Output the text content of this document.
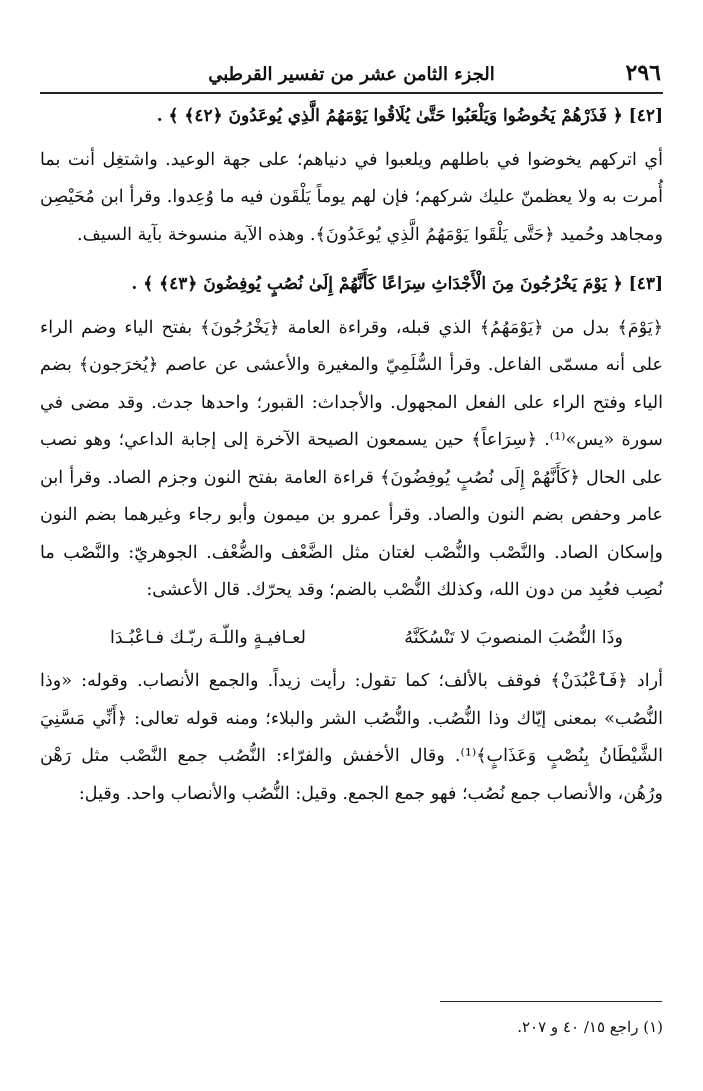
٢٩٦
الجزء الثامن عشر من تفسير القرطبي

[٤٢] ﴿ فَذَرْهُمْ يَخُوضُوا وَيَلْعَبُوا حَتَّىٰ يُلَاقُوا يَوْمَهُمُ الَّذِي يُوعَدُونَ ﴿٤٢﴾ ﴾ .

أي اتركهم يخوضوا في باطلهم ويلعبوا في دنياهم؛ على جهة الوعيد. واشتغِل أنت بما أُمرت به ولا يعظمنّ عليك شركهم؛ فإن لهم يوماً يَلْقَون فيه ما وُعِدوا. وقرأ ابن مُحَيْصِن ومجاهد وحُميد ﴿حَتَّى يَلْقَوا يَوْمَهُمُ الَّذِي يُوعَدُونَ﴾. وهذه الآية منسوخة بآية السيف.

[٤٣] ﴿ يَوْمَ يَخْرُجُونَ مِنَ الْأَجْدَاثِ سِرَاعًا كَأَنَّهُمْ إِلَىٰ نُصُبٍ يُوفِضُونَ ﴿٤٣﴾ ﴾ .

﴿يَوْمَ﴾ بدل من ﴿يَوْمَهُمُ﴾ الذي قبله، وقراءة العامة ﴿يَخْرُجُونَ﴾ بفتح الياء وضم الراء على أنه مسمّى الفاعل. وقرأ السُّلَمِيّ والمغيرة والأعشى عن عاصم ﴿يُخرَجون﴾ بضم الياء وفتح الراء على الفعل المجهول. والأجداث: القبور؛ واحدها جدث. وقد مضى في سورة «يس»⁽¹⁾. ﴿سِرَاعاً﴾ حين يسمعون الصيحة الآخرة إلى إجابة الداعي؛ وهو نصب على الحال ﴿كَأَنَّهُمْ إِلَى نُصُبٍ يُوفِضُونَ﴾ قراءة العامة بفتح النون وجزم الصاد. وقرأ ابن عامر وحفص بضم النون والصاد. وقرأ عمرو بن ميمون وأبو رجاء وغيرهما بضم النون وإسكان الصاد. والنَّصْب والنُّصْب لغتان مثل الضَّعْف والضُّعْف. الجوهريّ: والنَّصْب ما نُصِب فعُبِد من دون الله، وكذلك النُّصْب بالضم؛ وقد يحرّك. قال الأعشى:

وذَا النُّصُبَ المنصوبَ لا تَنْسُكَنَّهُ
لعـافيـةٍ واللّـهَ ربّـك فـاعْبُـدَا

أراد ﴿فَٱعْبُدَنْ﴾ فوقف بالألف؛ كما تقول: رأيت زيداً. والجمع الأنصاب. وقوله: «وذا النُّصُب» بمعنى إيّاك وذا النُّصُب. والنُّصُب الشر والبلاء؛ ومنه قوله تعالى: ﴿أَنِّي مَسَّنِيَ الشَّيْطَانُ بِنُصْبٍ وَعَذَابٍ﴾⁽¹⁾. وقال الأخفش والفرّاء: النُّصُب جمع النَّصْب مثل رَهْن ورُهُن، والأنصاب جمع نُصُب؛ فهو جمع الجمع. وقيل: النُّصُب والأنصاب واحد. وقيل:

(١) راجع ١٥/ ٤٠ و ٢٠٧.
